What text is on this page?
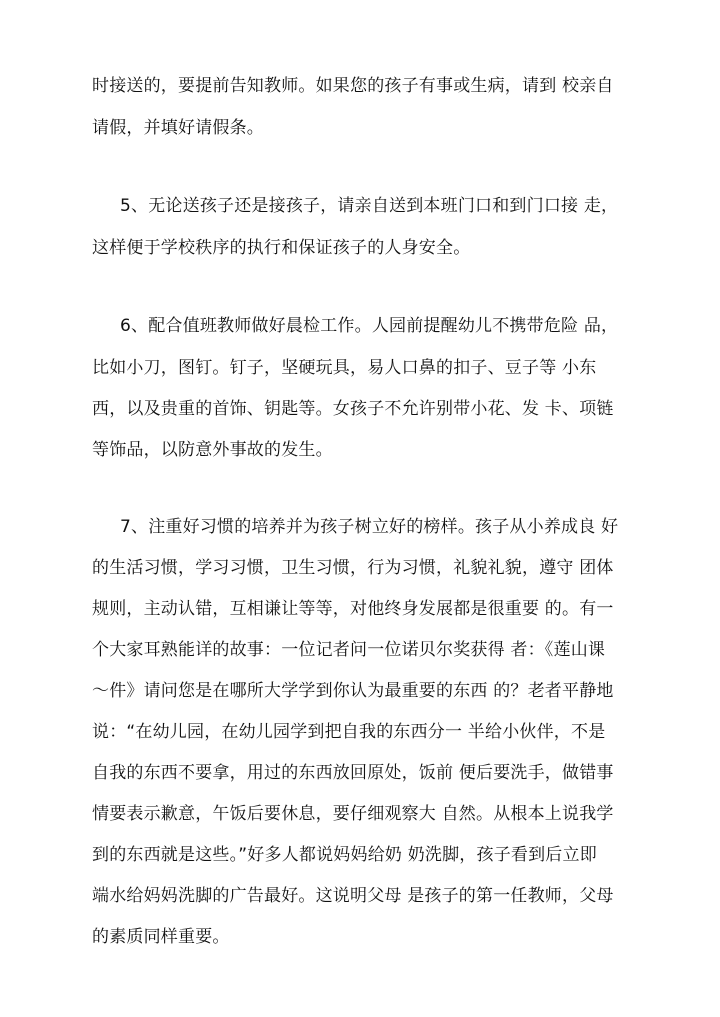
时接送的，要提前告知教师。如果您的孩子有事或生病，请到 校亲自
请假，并填好请假条。
5、无论送孩子还是接孩子，请亲自送到本班门口和到门口接 走，
这样便于学校秩序的执行和保证孩子的人身安全。
6、配合值班教师做好晨检工作。人园前提醒幼儿不携带危险 品，
比如小刀，图钉。钉子，坚硬玩具，易人口鼻的扣子、豆子等 小东
西，以及贵重的首饰、钥匙等。女孩子不允许别带小花、发 卡、项链
等饰品，以防意外事故的发生。
7、注重好习惯的培养并为孩子树立好的榜样。孩子从小养成良 好
的生活习惯，学习习惯，卫生习惯，行为习惯，礼貌礼貌，遵守 团体
规则，主动认错，互相谦让等等，对他终身发展都是很重要 的。有一
个大家耳熟能详的故事：一位记者问一位诺贝尔奖获得 者：《莲山课
〜件》请问您是在哪所大学学到你认为最重要的东西 的？老者平静地
说：“在幼儿园，在幼儿园学到把自我的东西分一 半给小伙伴，不是
自我的东西不要拿，用过的东西放回原处，饭前 便后要洗手，做错事
情要表示歉意，午饭后要休息，要仔细观察大 自然。从根本上说我学
到的东西就是这些。”好多人都说妈妈给奶 奶洗脚，孩子看到后立即
端水给妈妈洗脚的广告最好。这说明父母 是孩子的第一任教师，父母
的素质同样重要。
